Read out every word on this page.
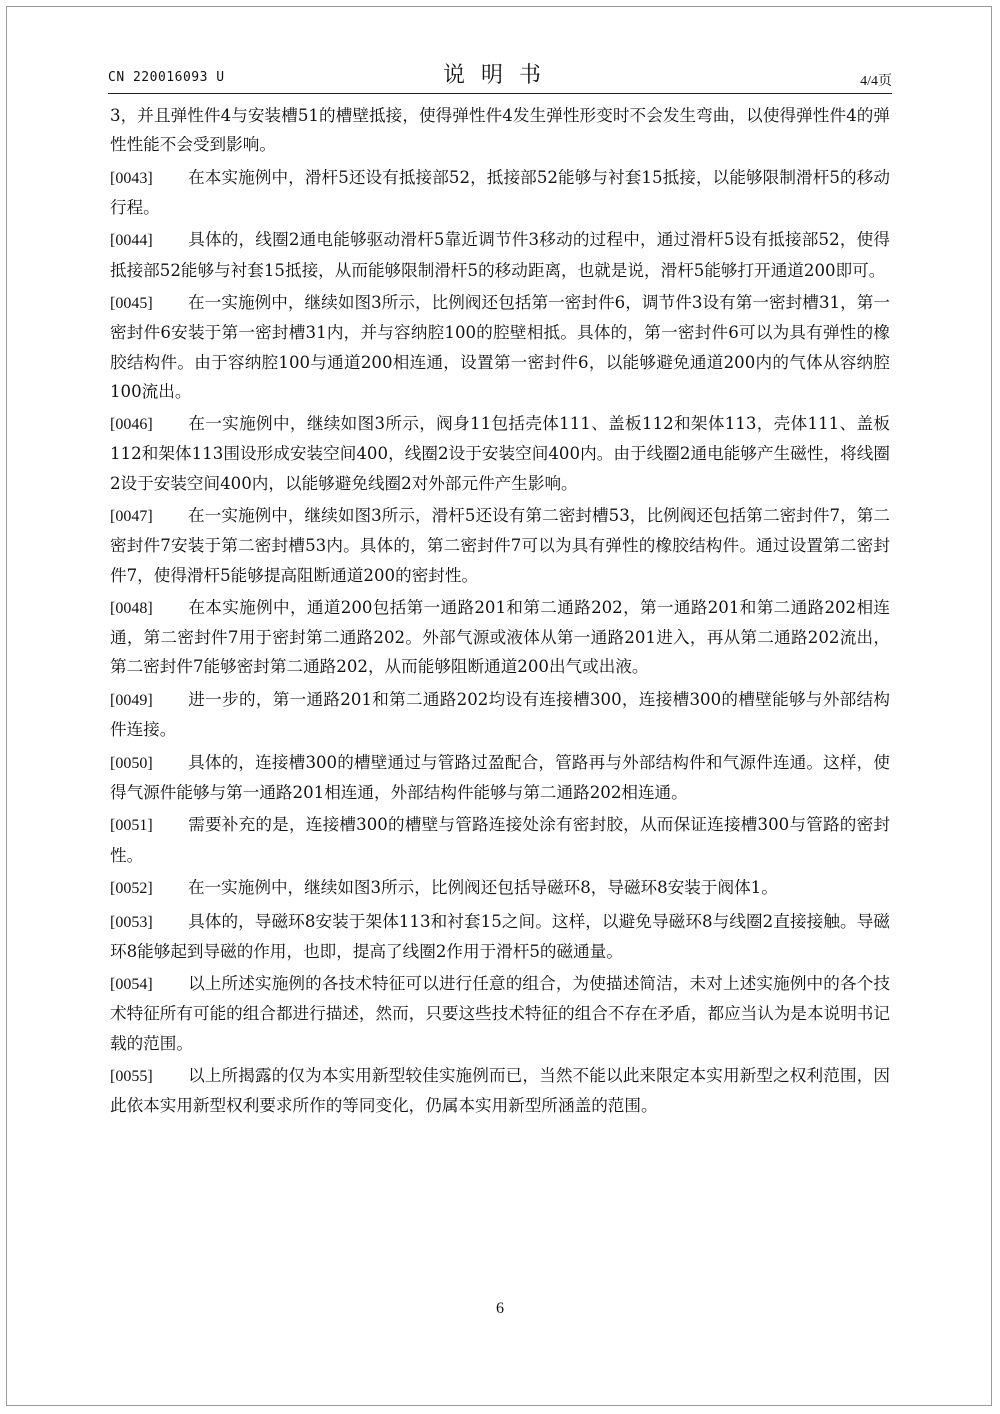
CN 220016093 U	说明书	4/4页

3，并且弹性件4与安装槽51的槽壁抵接，使得弹性件4发生弹性形变时不会发生弯曲，以使得弹性件4的弹性性能不会受到影响。

[0043] 在本实施例中，滑杆5还设有抵接部52，抵接部52能够与衬套15抵接，以能够限制滑杆5的移动行程。

[0044] 具体的，线圈2通电能够驱动滑杆5靠近调节件3移动的过程中，通过滑杆5设有抵接部52，使得抵接部52能够与衬套15抵接，从而能够限制滑杆5的移动距离，也就是说，滑杆5能够打开通道200即可。

[0045] 在一实施例中，继续如图3所示，比例阀还包括第一密封件6，调节件3设有第一密封槽31，第一密封件6安装于第一密封槽31内，并与容纳腔100的腔壁相抵。具体的，第一密封件6可以为具有弹性的橡胶结构件。由于容纳腔100与通道200相连通，设置第一密封件6，以能够避免通道200内的气体从容纳腔100流出。

[0046] 在一实施例中，继续如图3所示，阀身11包括壳体111、盖板112和架体113，壳体111、盖板112和架体113围设形成安装空间400，线圈2设于安装空间400内。由于线圈2通电能够产生磁性，将线圈2设于安装空间400内，以能够避免线圈2对外部元件产生影响。

[0047] 在一实施例中，继续如图3所示，滑杆5还设有第二密封槽53，比例阀还包括第二密封件7，第二密封件7安装于第二密封槽53内。具体的，第二密封件7可以为具有弹性的橡胶结构件。通过设置第二密封件7，使得滑杆5能够提高阻断通道200的密封性。

[0048] 在本实施例中，通道200包括第一通路201和第二通路202，第一通路201和第二通路202相连通，第二密封件7用于密封第二通路202。外部气源或液体从第一通路201进入，再从第二通路202流出，第二密封件7能够密封第二通路202，从而能够阻断通道200出气或出液。

[0049] 进一步的，第一通路201和第二通路202均设有连接槽300，连接槽300的槽壁能够与外部结构件连接。

[0050] 具体的，连接槽300的槽壁通过与管路过盈配合，管路再与外部结构件和气源件连通。这样，使得气源件能够与第一通路201相连通，外部结构件能够与第二通路202相连通。

[0051] 需要补充的是，连接槽300的槽壁与管路连接处涂有密封胶，从而保证连接槽300与管路的密封性。

[0052] 在一实施例中，继续如图3所示，比例阀还包括导磁环8，导磁环8安装于阀体1。

[0053] 具体的，导磁环8安装于架体113和衬套15之间。这样，以避免导磁环8与线圈2直接接触。导磁环8能够起到导磁的作用，也即，提高了线圈2作用于滑杆5的磁通量。

[0054] 以上所述实施例的各技术特征可以进行任意的组合，为使描述简洁，未对上述实施例中的各个技术特征所有可能的组合都进行描述，然而，只要这些技术特征的组合不存在矛盾，都应当认为是本说明书记载的范围。

[0055] 以上所揭露的仅为本实用新型较佳实施例而已，当然不能以此来限定本实用新型之权利范围，因此依本实用新型权利要求所作的等同变化，仍属本实用新型所涵盖的范围。

6
